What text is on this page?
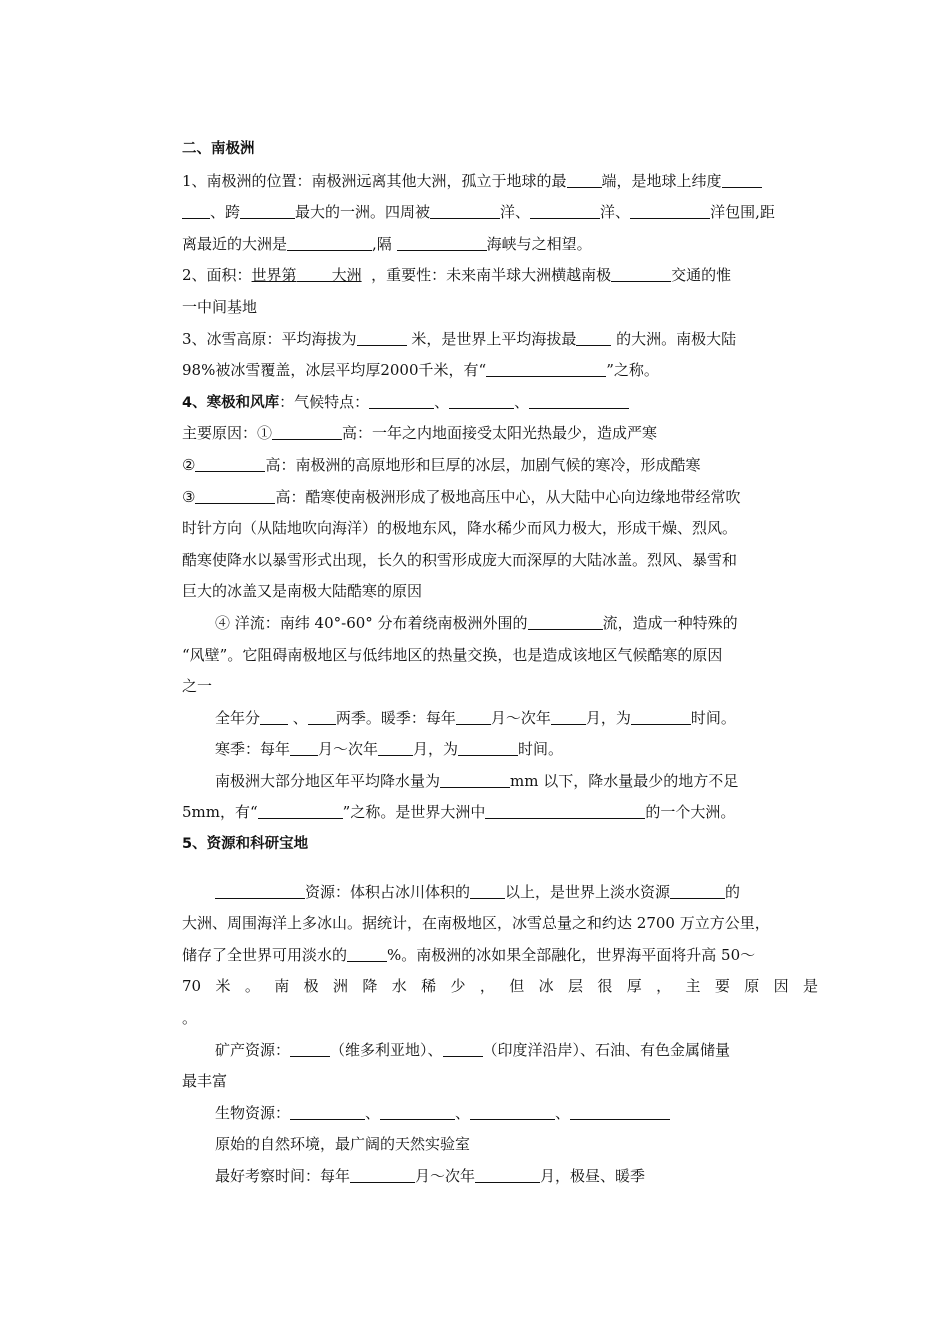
二、南极洲
1、南极洲的位置：南极洲远离其他大洲，孤立于地球的最 端，是地球上纬度
、跨	最大的一洲。四周被	洋、	洋、	洋包围,距
离最近的大洲是	,隔	海峡与之相望。
2、面积：世界第 大洲 ，重要性：未来南半球大洲横越南极	交通的惟
一中间基地
3、冰雪高原：平均海拔为	米，是世界上平均海拔最	的大洲。南极大陆
98%被冰雪覆盖，冰层平均厚2000千米，有“	”之称。
4、寒极和风库：气候特点：	、	、
主要原因：①	高：一年之内地面接受太阳光热最少，造成严寒
②	高：南极洲的高原地形和巨厚的冰层，加剧气候的寒冷，形成酷寒
③	高：酷寒使南极洲形成了极地高压中心，从大陆中心向边缘地带经常吹
时针方向（从陆地吹向海洋）的极地东风，降水稀少而风力极大，形成干燥、烈风。
酷寒使降水以暴雪形式出现，长久的积雪形成庞大而深厚的大陆冰盖。烈风、暴雪和
巨大的冰盖又是南极大陆酷寒的原因
④ 洋流：南纬 40°-60° 分布着绕南极洲外围的	流，造成一种特殊的
“风壁”。它阻碍南极地区与低纬地区的热量交换，也是造成该地区气候酷寒的原因
之一
全年分 、 两季。暖季：每年 月～次年 月，为	时间。
寒季：每年 月～次年 月，为	时间。
南极洲大部分地区年平均降水量为	mm 以下，降水量最少的地方不足
5mm，有“	”之称。是世界大洲中	的一个大洲。
5、资源和科研宝地
资源：体积占冰川体积的 以上，是世界上淡水资源	的
大洲、周围海洋上多冰山。据统计，在南极地区，冰雪总量之和约达 2700 万立方公里，
储存了全世界可用淡水的	%。南极洲的冰如果全部融化，世界海平面将升高 50～
70 米 。 南 极 洲 降 水 稀 少 ， 但 冰 层 很 厚 ， 主 要 原 因 是
。
矿产资源：	（维多利亚地）、	（印度洋沿岸）、石油、有色金属储量
最丰富
生物资源：	、	、	、
原始的自然环境，最广阔的天然实验室
最好考察时间：每年	月～次年	月，极昼、暖季
